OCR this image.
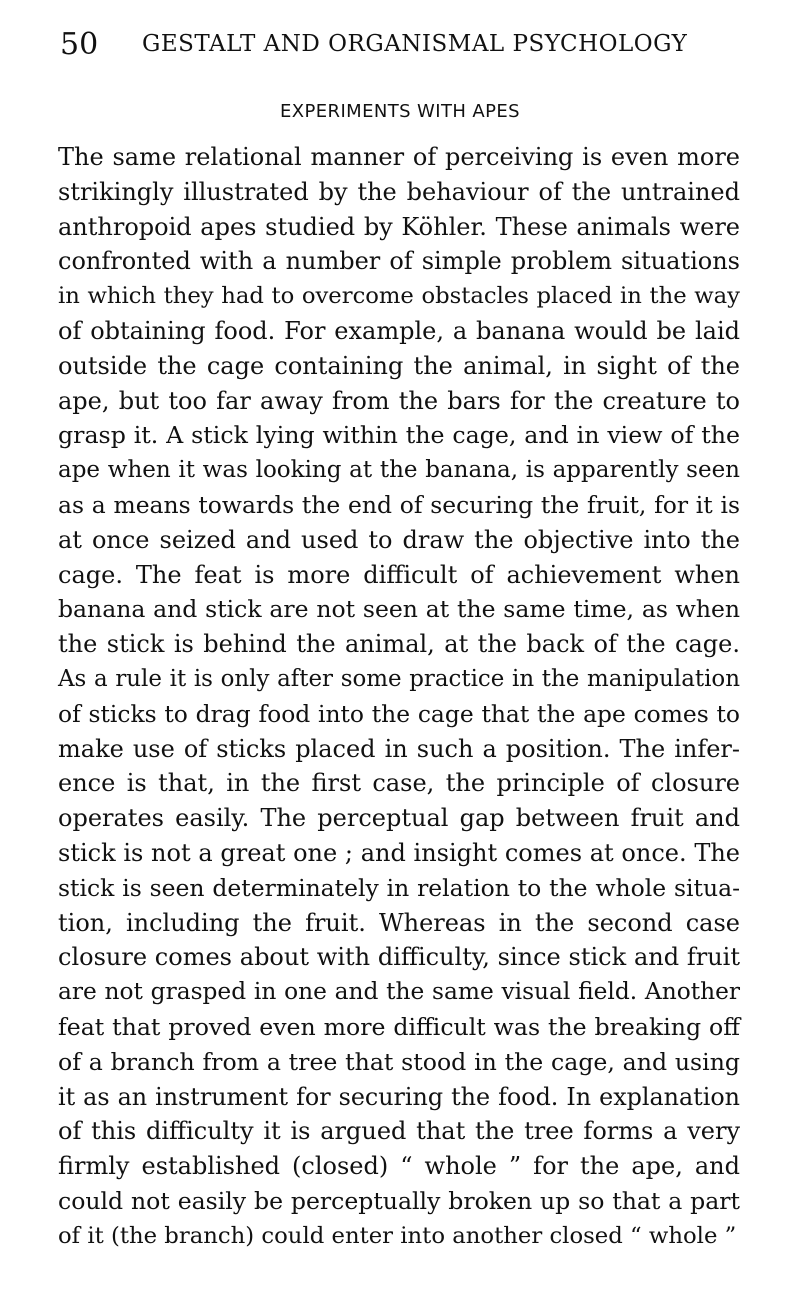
50	GESTALT AND ORGANISMAL PSYCHOLOGY
EXPERIMENTS WITH APES
The same relational manner of perceiving is even more
strikingly illustrated by the behaviour of the untrained
anthropoid apes studied by Köhler. These animals were
confronted with a number of simple problem situations
in which they had to overcome obstacles placed in the way
of obtaining food. For example, a banana would be laid
outside the cage containing the animal, in sight of the
ape, but too far away from the bars for the creature to
grasp it. A stick lying within the cage, and in view of the
ape when it was looking at the banana, is apparently seen
as a means towards the end of securing the fruit, for it is
at once seized and used to draw the objective into the
cage. The feat is more difficult of achievement when
banana and stick are not seen at the same time, as when
the stick is behind the animal, at the back of the cage.
As a rule it is only after some practice in the manipulation
of sticks to drag food into the cage that the ape comes to
make use of sticks placed in such a position. The infer-
ence is that, in the first case, the principle of closure
operates easily. The perceptual gap between fruit and
stick is not a great one ; and insight comes at once. The
stick is seen determinately in relation to the whole situa-
tion, including the fruit. Whereas in the second case
closure comes about with difficulty, since stick and fruit
are not grasped in one and the same visual field. Another
feat that proved even more difficult was the breaking off
of a branch from a tree that stood in the cage, and using
it as an instrument for securing the food. In explanation
of this difficulty it is argued that the tree forms a very
firmly established (closed) “ whole ” for the ape, and
could not easily be perceptually broken up so that a part
of it (the branch) could enter into another closed “ whole ”
